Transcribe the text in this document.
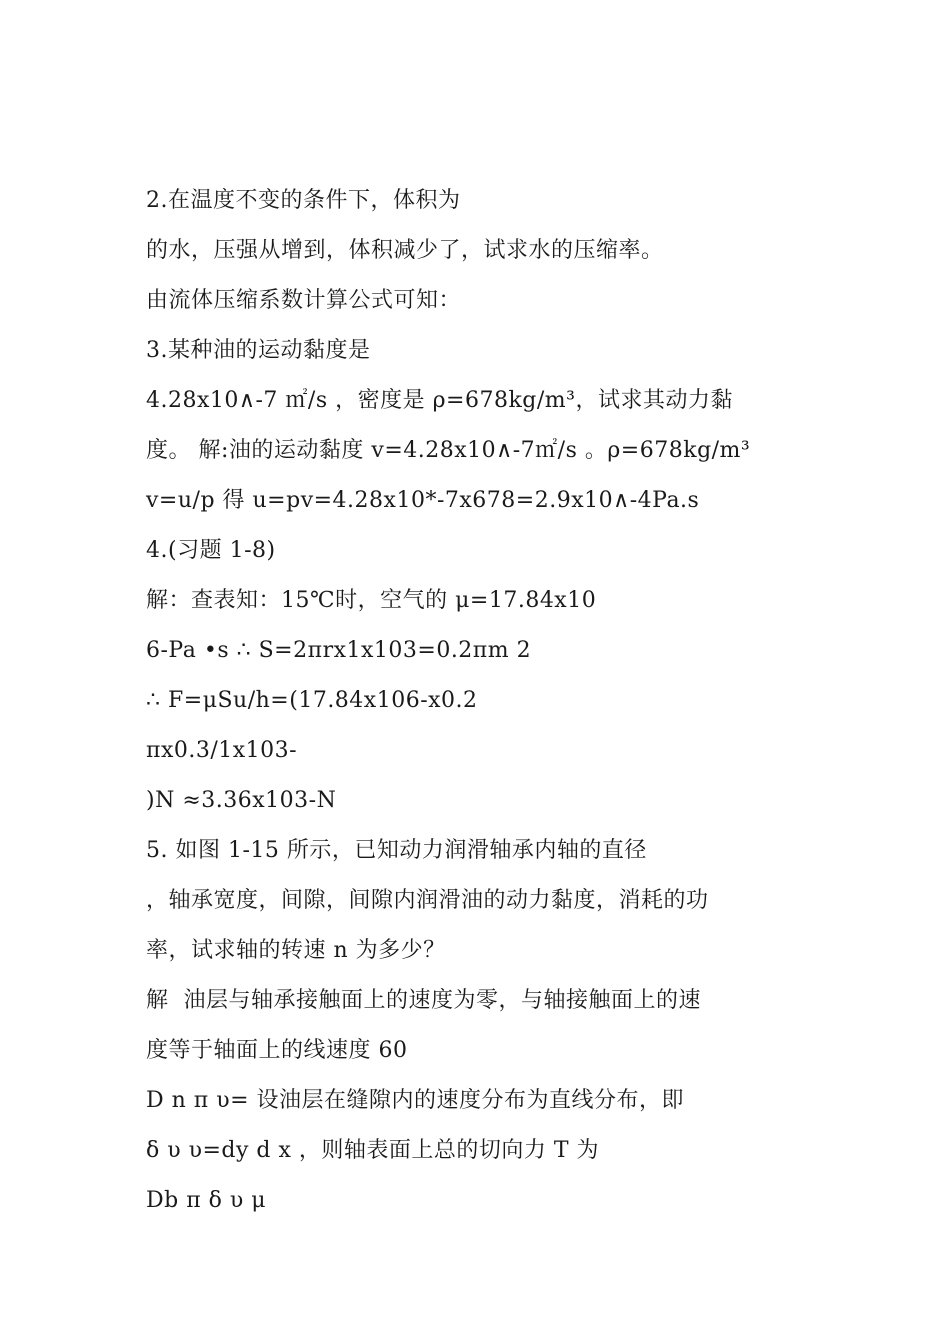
2.在温度不变的条件下，体积为
的水，压强从增到，体积减少了，试求水的压缩率。
由流体压缩系数计算公式可知：
3.某种油的运动黏度是
4.28x10∧-7 ㎡/s ，密度是 ρ=678kg/m³，试求其动力黏
度。 解:油的运动黏度 v=4.28x10∧-7㎡/s 。ρ=678kg/m³
v=u/p 得 u=pv=4.28x10*-7x678=2.9x10∧-4Pa.s
4.(习题 1-8)
解：查表知：15℃时，空气的 μ=17.84x10
6-Pa •s ∴ S=2πrx1x103=0.2πm 2
∴ F=μSu/h=(17.84x106-x0.2
πx0.3/1x103-
)N ≈3.36x103-N
5. 如图 1-15 所示，已知动力润滑轴承内轴的直径
，轴承宽度，间隙，间隙内润滑油的动力黏度，消耗的功
率，试求轴的转速 n 为多少？
解  油层与轴承接触面上的速度为零，与轴接触面上的速
度等于轴面上的线速度 60
D n π υ= 设油层在缝隙内的速度分布为直线分布，即
δ υ υ=dy d x ，则轴表面上总的切向力 T 为
Db π δ υ μ
